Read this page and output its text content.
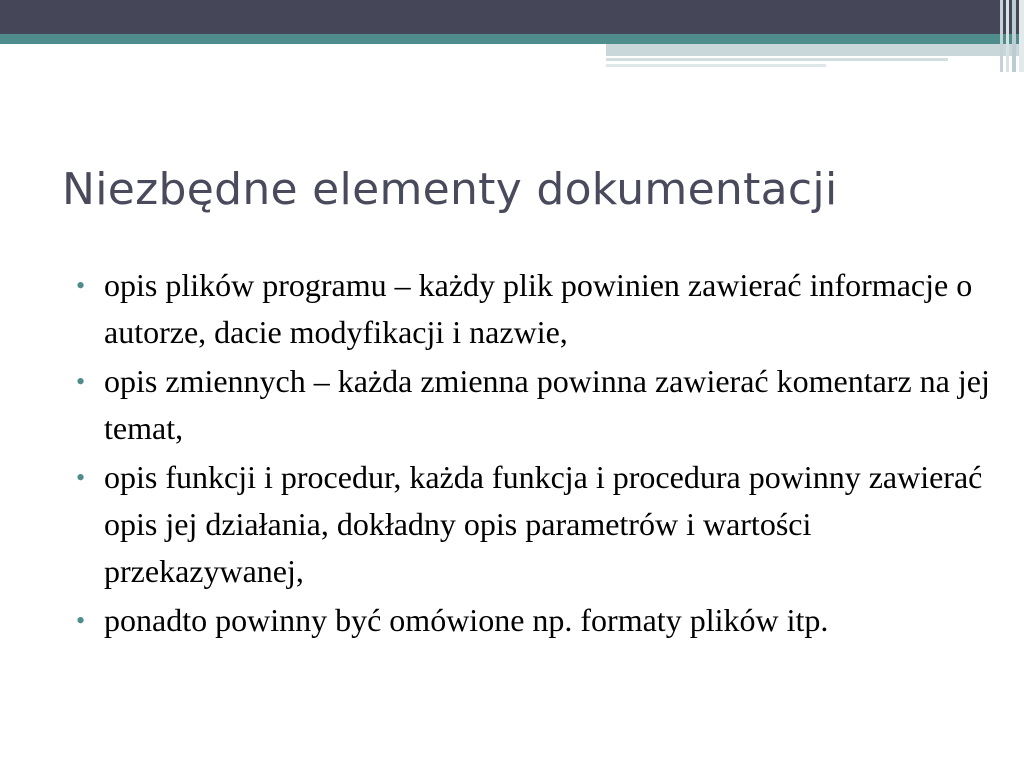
Niezbędne elementy dokumentacji
• opis plików programu – każdy plik powinien zawierać informacje o autorze, dacie modyfikacji i nazwie,
• opis zmiennych – każda zmienna powinna zawierać komentarz na jej temat,
• opis funkcji i procedur, każda funkcja i procedura powinny zawierać opis jej działania, dokładny opis parametrów i wartości przekazywanej,
• ponadto powinny być omówione np. formaty plików itp.
